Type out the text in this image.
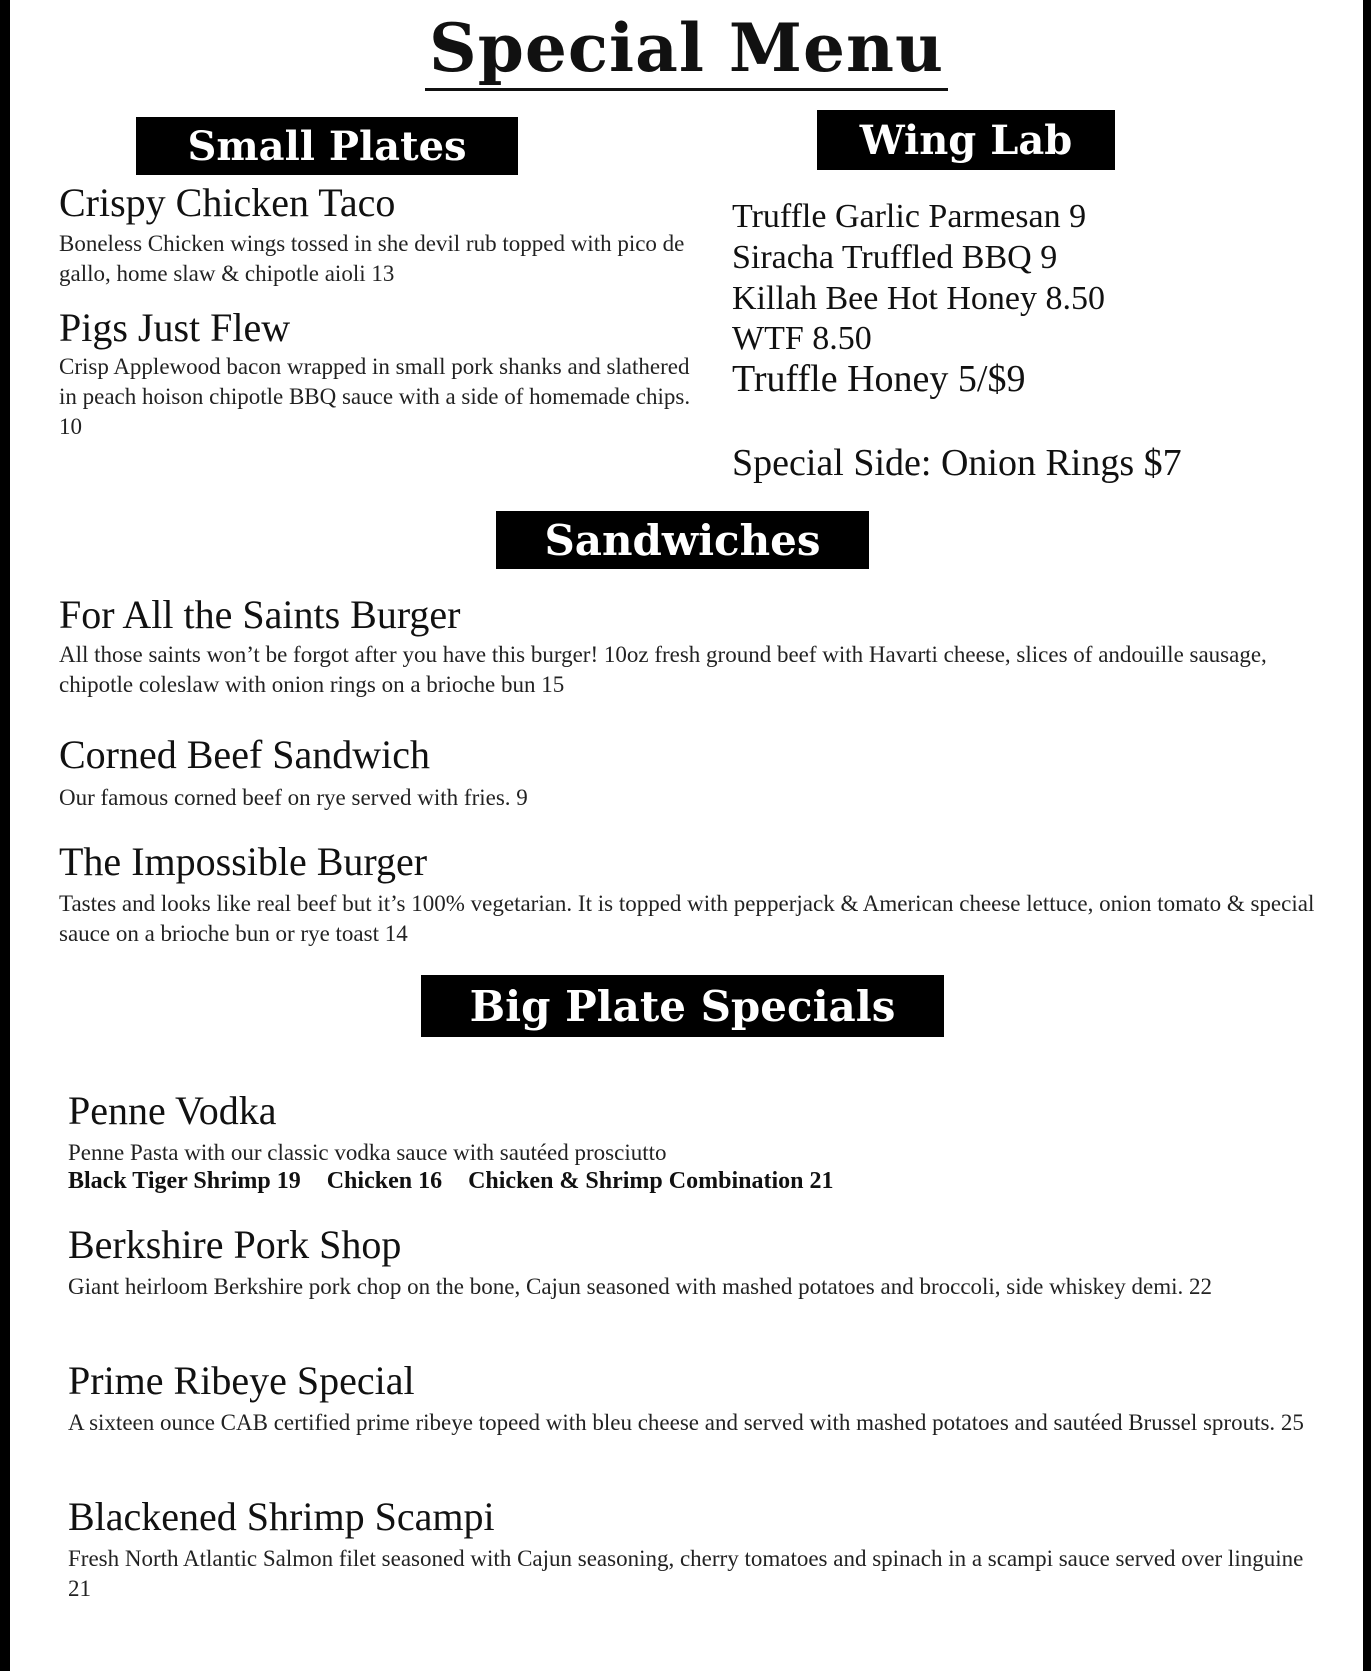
Special Menu
Small Plates
Crispy Chicken Taco
Boneless Chicken wings tossed in she devil rub topped with pico de gallo, home slaw & chipotle aioli 13
Pigs Just Flew
Crisp Applewood bacon wrapped in small pork shanks and slathered in peach hoison chipotle BBQ sauce with a side of homemade chips. 10
Wing Lab
Truffle Garlic Parmesan 9
Siracha Truffled BBQ 9
Killah Bee Hot Honey 8.50
WTF 8.50
Truffle Honey 5/$9
Special Side: Onion Rings $7
Sandwiches
For All the Saints Burger
All those saints won’t be forgot after you have this burger! 10oz fresh ground beef with Havarti cheese, slices of andouille sausage, chipotle coleslaw with onion rings on a brioche bun 15
Corned Beef Sandwich
Our famous corned beef on rye served with fries. 9
The Impossible Burger
Tastes and looks like real beef but it’s 100% vegetarian. It is topped with pepperjack & American cheese lettuce, onion tomato & special sauce on a brioche bun or rye toast 14
Big Plate Specials
Penne Vodka
Penne Pasta with our classic vodka sauce with sautéed prosciutto
Black Tiger Shrimp 19 Chicken 16 Chicken & Shrimp Combination 21
Berkshire Pork Shop
Giant heirloom Berkshire pork chop on the bone, Cajun seasoned with mashed potatoes and broccoli, side whiskey demi. 22
Prime Ribeye Special
A sixteen ounce CAB certified prime ribeye topeed with bleu cheese and served with mashed potatoes and sautéed Brussel sprouts. 25
Blackened Shrimp Scampi
Fresh North Atlantic Salmon filet seasoned with Cajun seasoning, cherry tomatoes and spinach in a scampi sauce served over linguine 21
